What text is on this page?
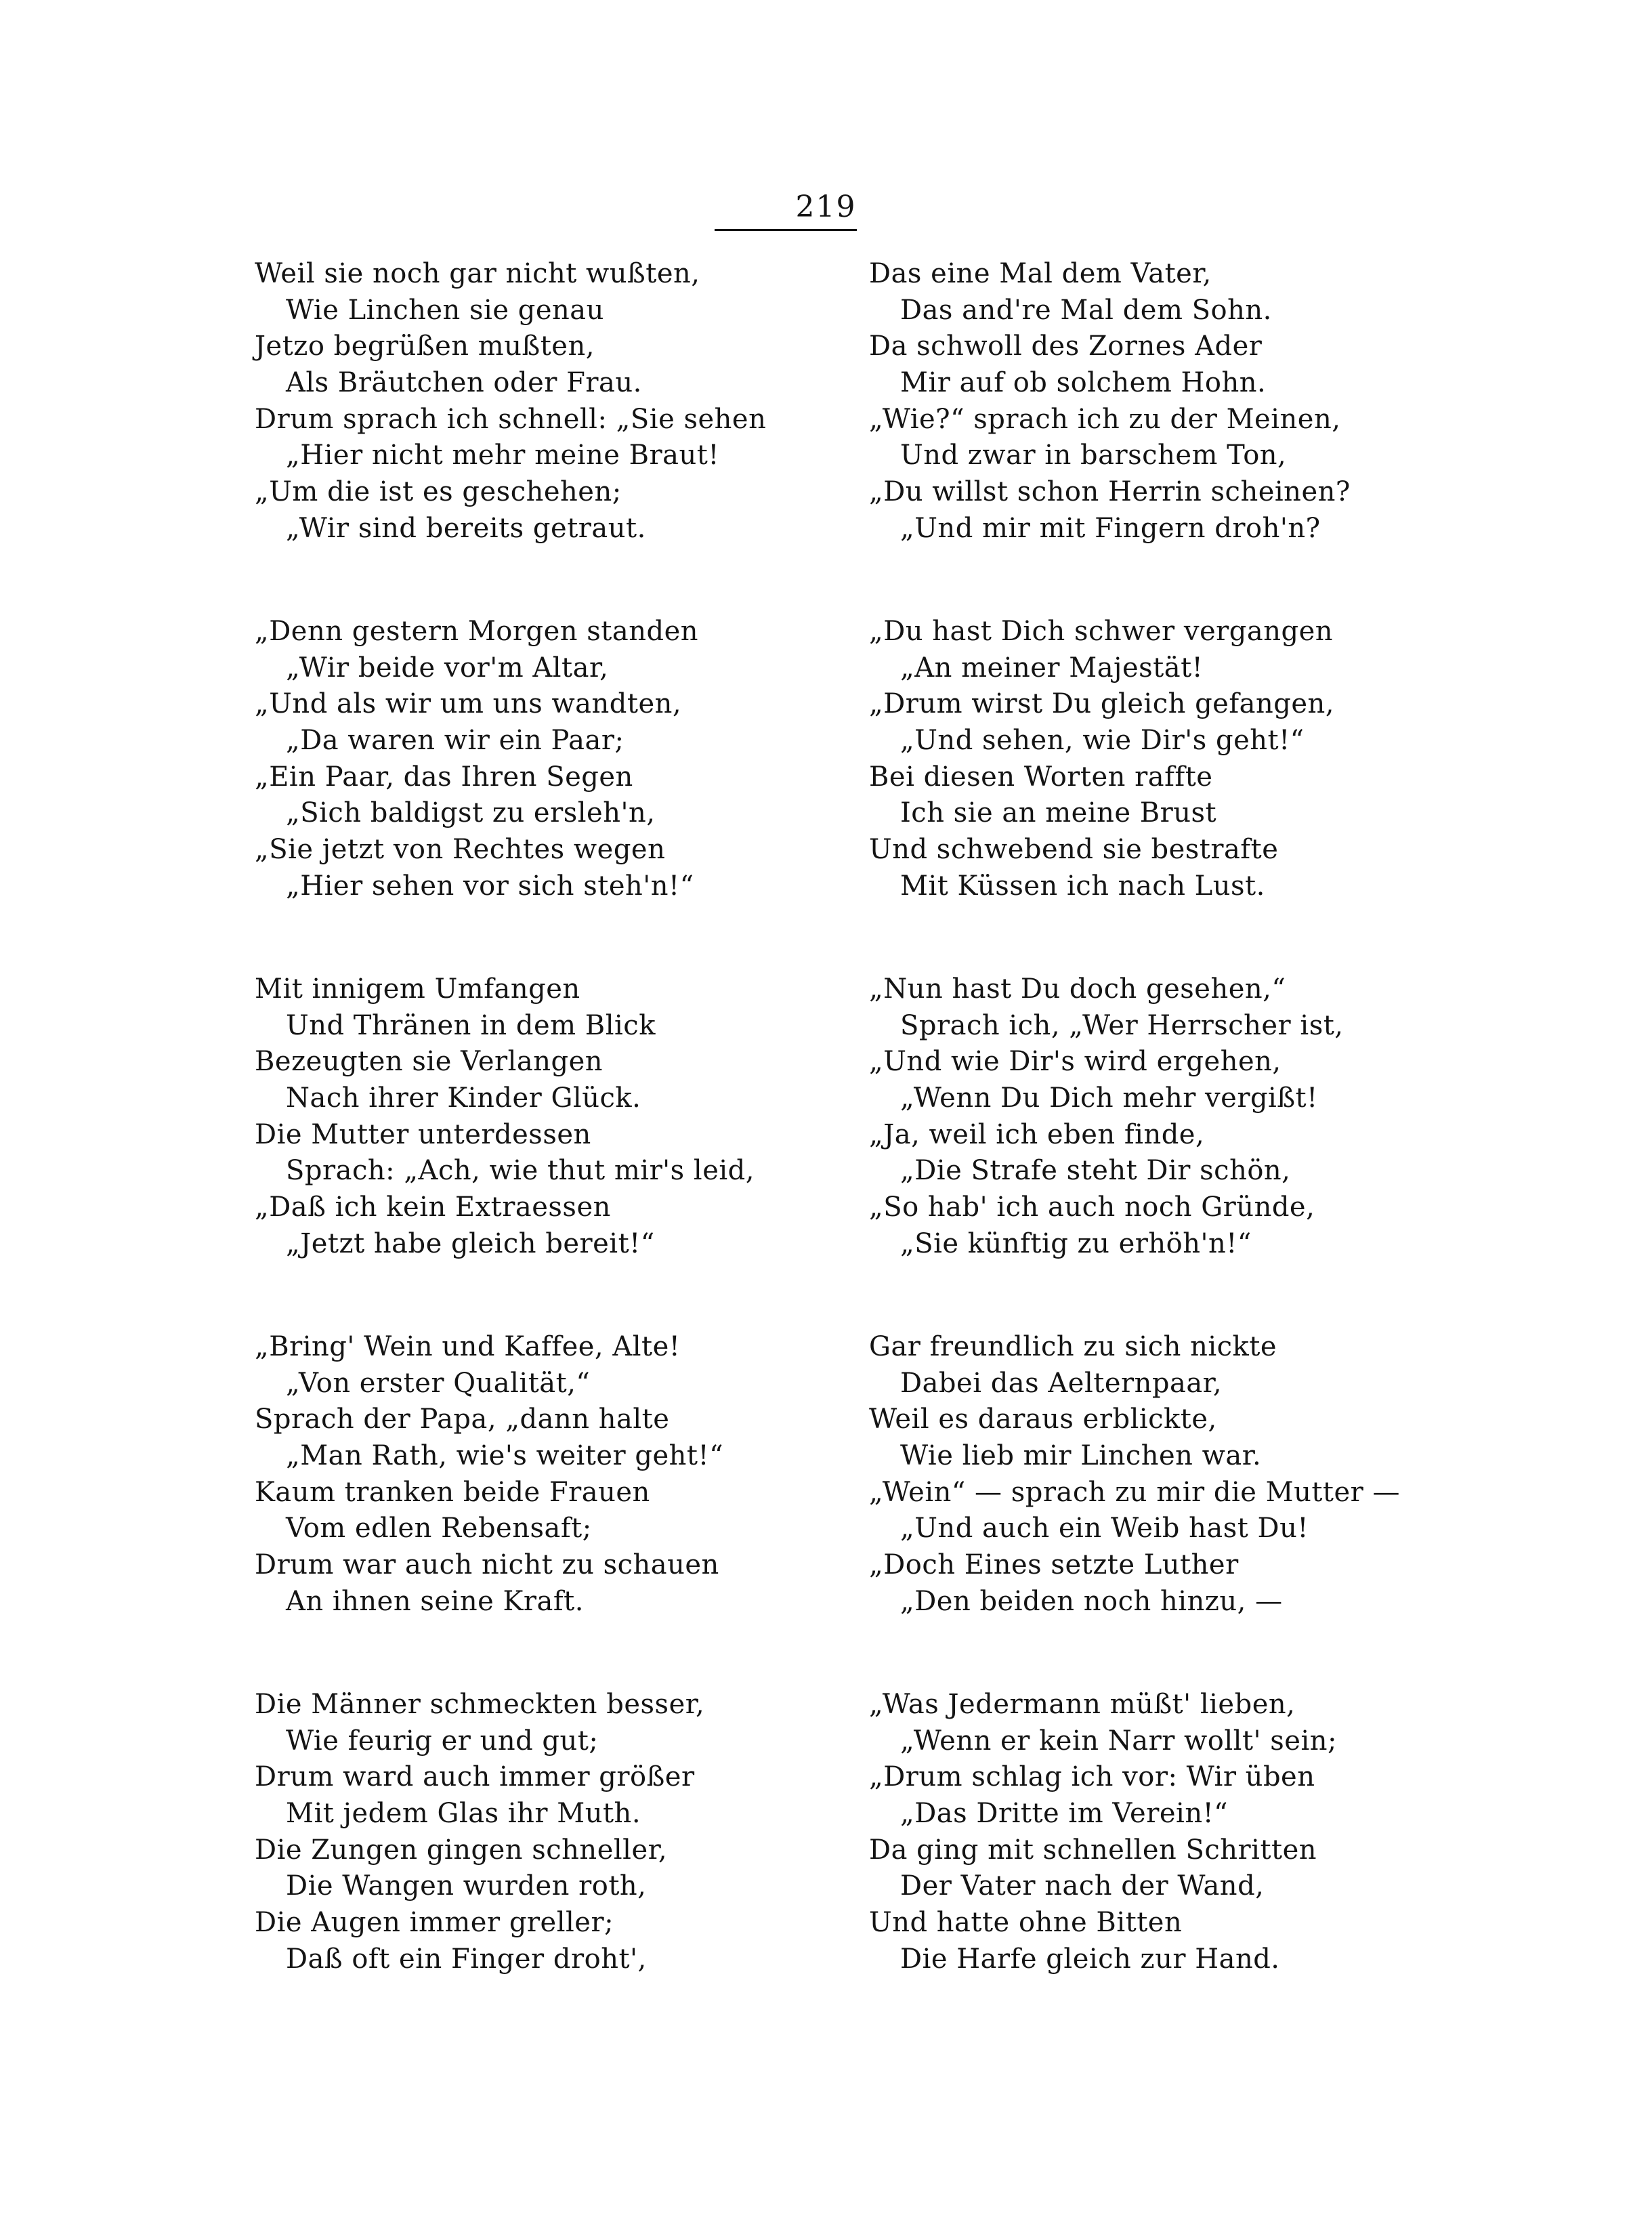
219
Weil sie noch gar nicht wußten,
Wie Linchen sie genau
Jetzo begrüßen mußten,
Als Bräutchen oder Frau.
Drum sprach ich schnell: „Sie sehen
„Hier nicht mehr meine Braut!
„Um die ist es geschehen;
„Wir sind bereits getraut.
„Denn gestern Morgen standen
„Wir beide vor'm Altar,
„Und als wir um uns wandten,
„Da waren wir ein Paar;
„Ein Paar, das Ihren Segen
„Sich baldigst zu ersleh'n,
„Sie jetzt von Rechtes wegen
„Hier sehen vor sich steh'n!“
Mit innigem Umfangen
Und Thränen in dem Blick
Bezeugten sie Verlangen
Nach ihrer Kinder Glück.
Die Mutter unterdessen
Sprach: „Ach, wie thut mir's leid,
„Daß ich kein Extraessen
„Jetzt habe gleich bereit!“
„Bring' Wein und Kaffee, Alte!
„Von erster Qualität,“
Sprach der Papa, „dann halte
„Man Rath, wie's weiter geht!“
Kaum tranken beide Frauen
Vom edlen Rebensaft;
Drum war auch nicht zu schauen
An ihnen seine Kraft.
Die Männer schmeckten besser,
Wie feurig er und gut;
Drum ward auch immer größer
Mit jedem Glas ihr Muth.
Die Zungen gingen schneller,
Die Wangen wurden roth,
Die Augen immer greller;
Daß oft ein Finger droht',
Das eine Mal dem Vater,
Das and're Mal dem Sohn.
Da schwoll des Zornes Ader
Mir auf ob solchem Hohn.
„Wie?“ sprach ich zu der Meinen,
Und zwar in barschem Ton,
„Du willst schon Herrin scheinen?
„Und mir mit Fingern droh'n?
„Du hast Dich schwer vergangen
„An meiner Majestät!
„Drum wirst Du gleich gefangen,
„Und sehen, wie Dir's geht!“
Bei diesen Worten raffte
Ich sie an meine Brust
Und schwebend sie bestrafte
Mit Küssen ich nach Lust.
„Nun hast Du doch gesehen,“
Sprach ich, „Wer Herrscher ist,
„Und wie Dir's wird ergehen,
„Wenn Du Dich mehr vergißt!
„Ja, weil ich eben finde,
„Die Strafe steht Dir schön,
„So hab' ich auch noch Gründe,
„Sie künftig zu erhöh'n!“
Gar freundlich zu sich nickte
Dabei das Aelternpaar,
Weil es daraus erblickte,
Wie lieb mir Linchen war.
„Wein“ — sprach zu mir die Mutter —
„Und auch ein Weib hast Du!
„Doch Eines setzte Luther
„Den beiden noch hinzu, —
„Was Jedermann müßt' lieben,
„Wenn er kein Narr wollt' sein;
„Drum schlag ich vor: Wir üben
„Das Dritte im Verein!“
Da ging mit schnellen Schritten
Der Vater nach der Wand,
Und hatte ohne Bitten
Die Harfe gleich zur Hand.
